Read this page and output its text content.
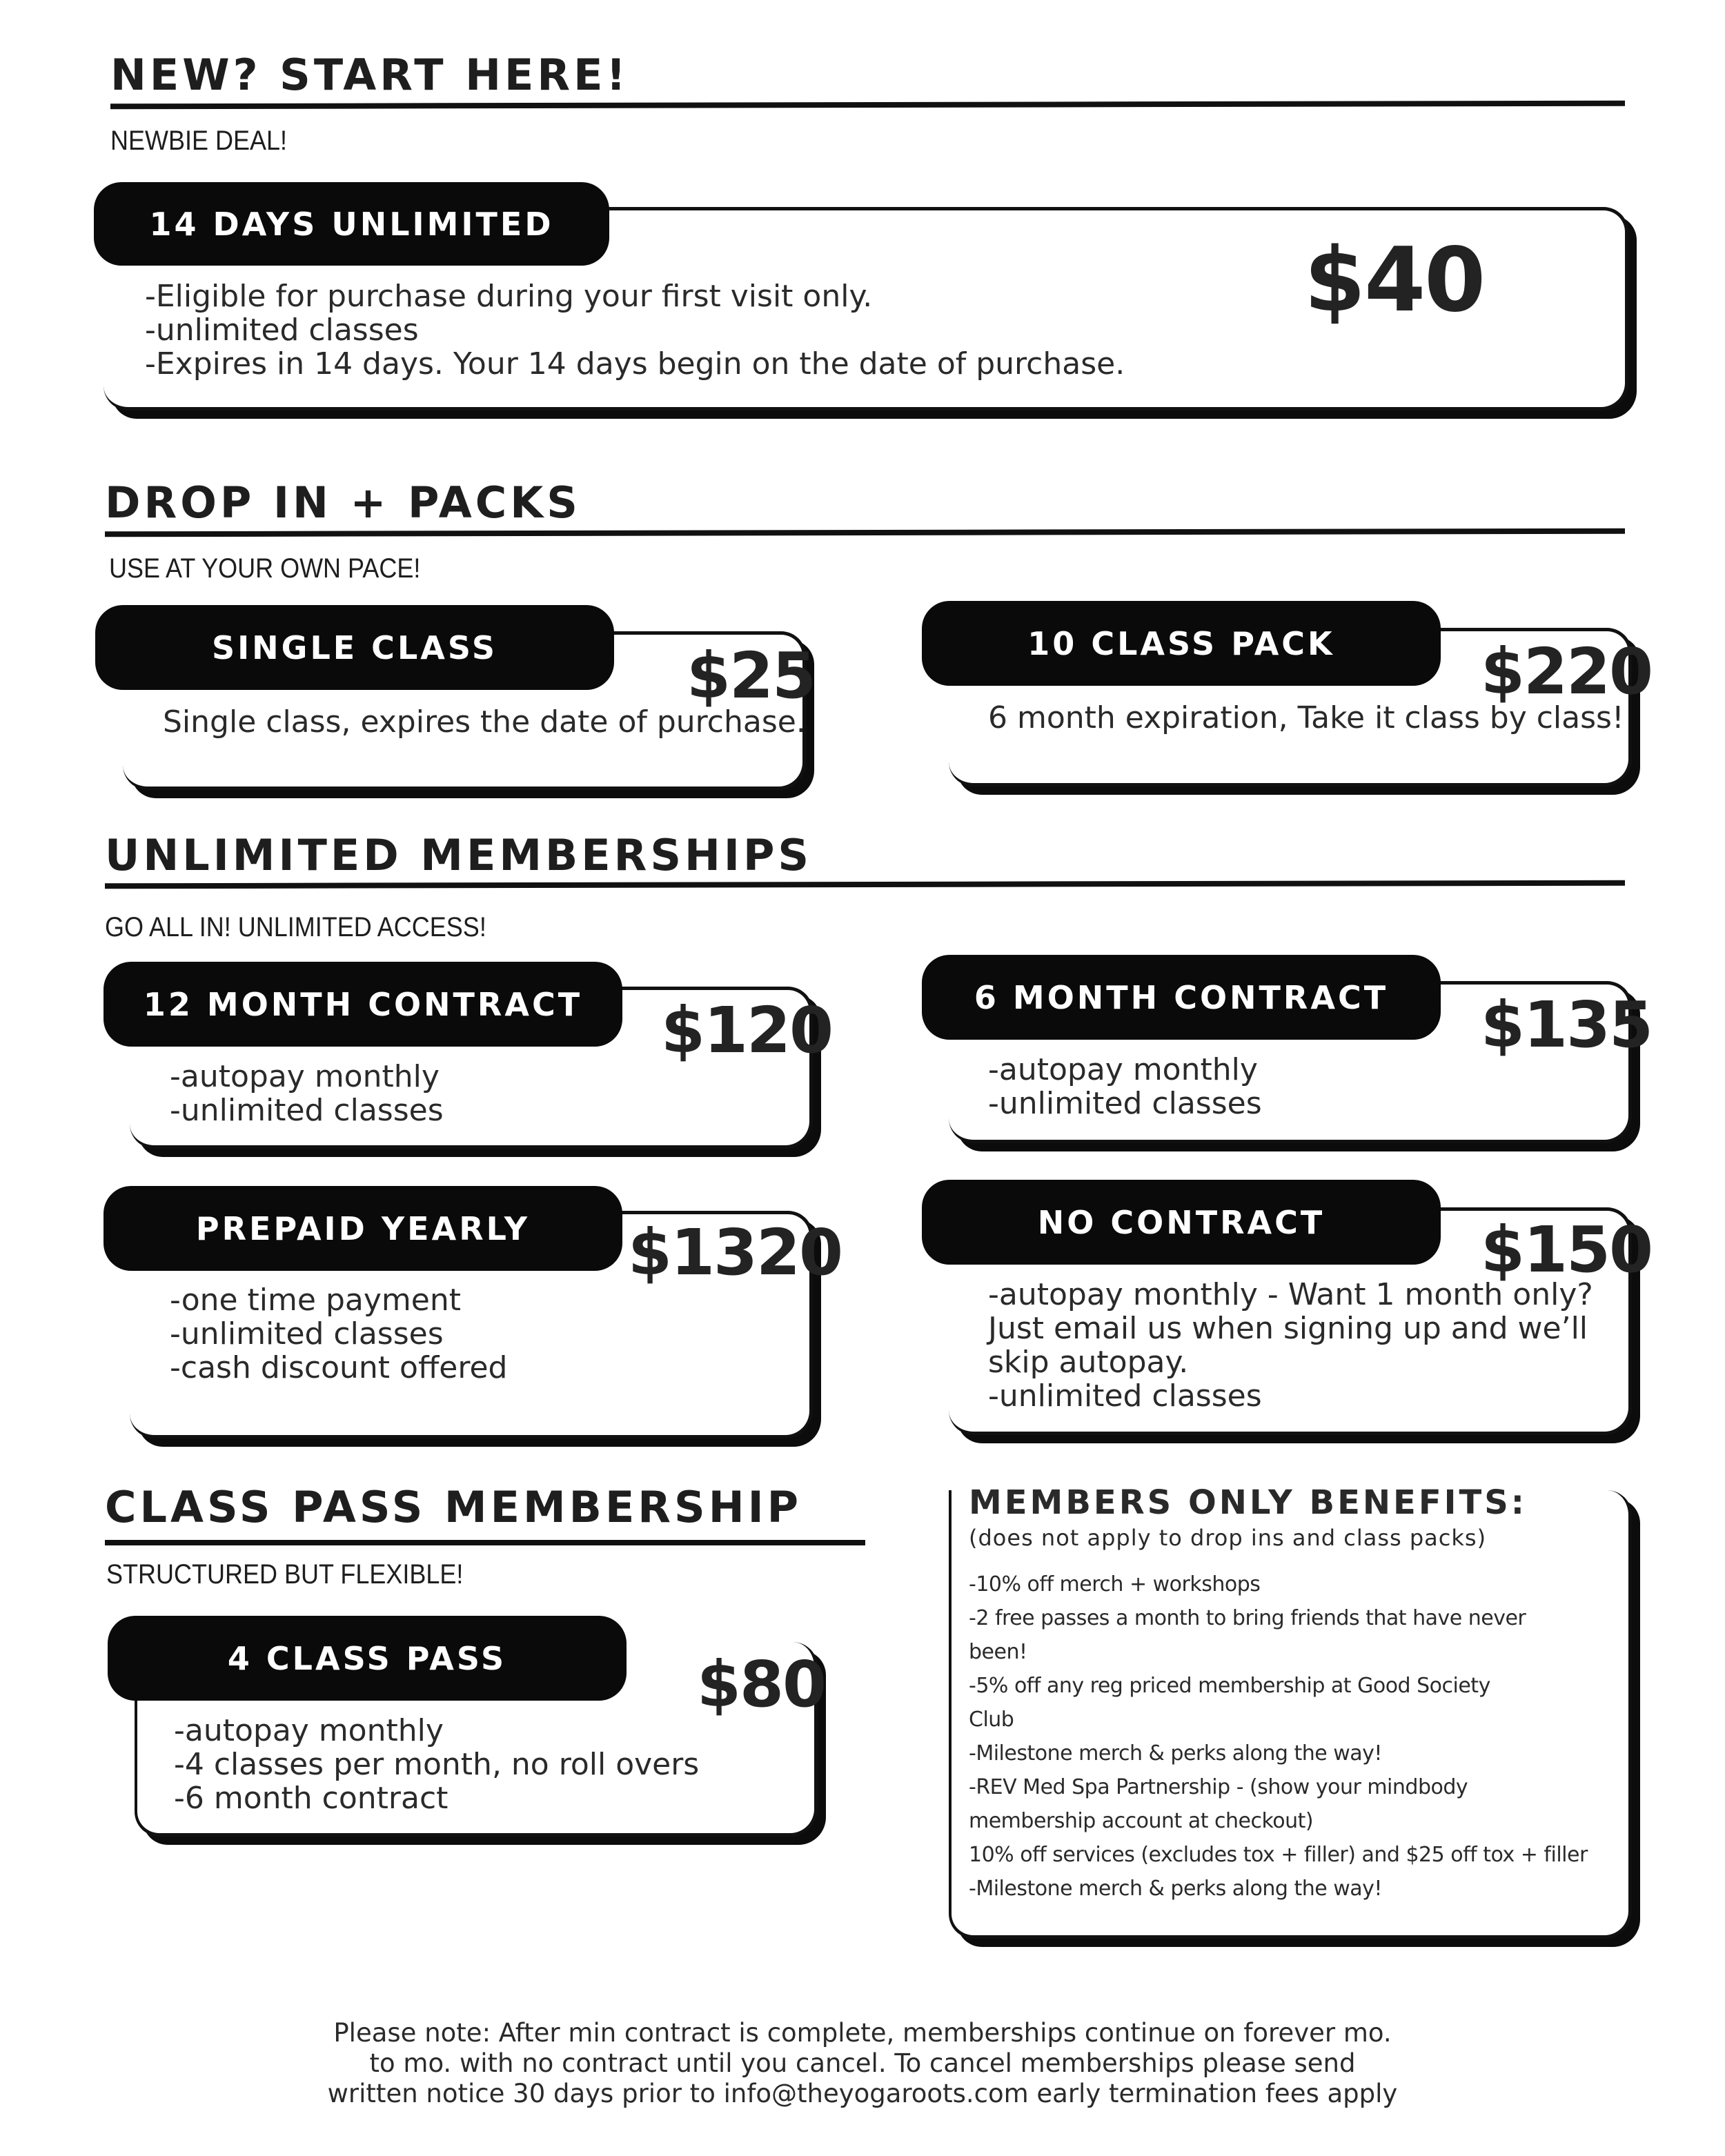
NEW? START HERE!
NEWBIE DEAL!
14 DAYS UNLIMITED
$40
-Eligible for purchase during your first visit only.
-unlimited classes
-Expires in 14 days. Your 14 days begin on the date of purchase.
DROP IN + PACKS
USE AT YOUR OWN PACE!
SINGLE CLASS	$25
Single class, expires the date of purchase.
10 CLASS PACK	$220
6 month expiration, Take it class by class!
UNLIMITED MEMBERSHIPS
GO ALL IN! UNLIMITED ACCESS!
12 MONTH CONTRACT	$120
-autopay monthly
-unlimited classes
6 MONTH CONTRACT	$135
-autopay monthly
-unlimited classes
PREPAID YEARLY	$1320
-one time payment
-unlimited classes
-cash discount offered
NO CONTRACT	$150
-autopay monthly - Want 1 month only?
Just email us when signing up and we’ll
skip autopay.
-unlimited classes
CLASS PASS MEMBERSHIP
STRUCTURED BUT FLEXIBLE!
4 CLASS PASS	$80
-autopay monthly
-4 classes per month, no roll overs
-6 month contract
MEMBERS ONLY BENEFITS:
(does not apply to drop ins and class packs)
-10% off merch + workshops
-2 free passes a month to bring friends that have never
been!
-5% off any reg priced membership at Good Society
Club
-Milestone merch & perks along the way!
-REV Med Spa Partnership - (show your mindbody
membership account at checkout)
10% off services (excludes tox + filler) and $25 off tox + filler
-Milestone merch & perks along the way!
Please note: After min contract is complete, memberships continue on forever mo.
to mo. with no contract until you cancel. To cancel memberships please send
written notice 30 days prior to info@theyogaroots.com early termination fees apply
